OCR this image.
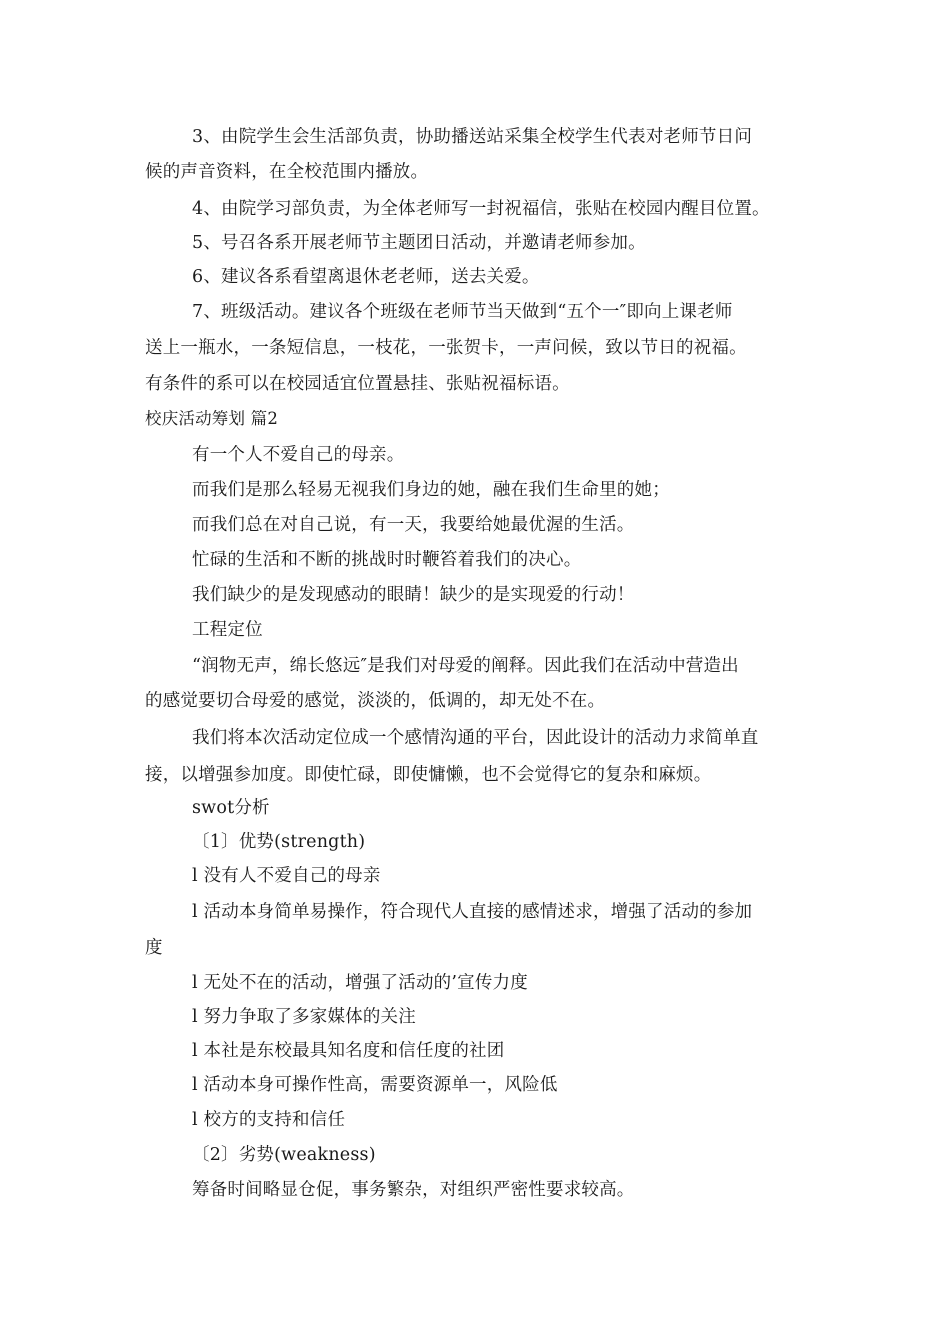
3、由院学生会生活部负责，协助播送站采集全校学生代表对老师节日问
候的声音资料，在全校范围内播放。
4、由院学习部负责，为全体老师写一封祝福信，张贴在校园内醒目位置。
5、号召各系开展老师节主题团日活动，并邀请老师参加。
6、建议各系看望离退休老老师，送去关爱。
7、班级活动。建议各个班级在老师节当天做到“五个一″即向上课老师
送上一瓶水，一条短信息，一枝花，一张贺卡，一声问候，致以节日的祝福。
有条件的系可以在校园适宜位置悬挂、张贴祝福标语。
校庆活动筹划 篇2
有一个人不爱自己的母亲。
而我们是那么轻易无视我们身边的她，融在我们生命里的她；
而我们总在对自己说，有一天，我要给她最优渥的生活。
忙碌的生活和不断的挑战时时鞭笞着我们的决心。
我们缺少的是发现感动的眼睛！缺少的是实现爱的行动！
工程定位
“润物无声，绵长悠远″是我们对母爱的阐释。因此我们在活动中营造出
的感觉要切合母爱的感觉，淡淡的，低调的，却无处不在。
我们将本次活动定位成一个感情沟通的平台，因此设计的活动力求简单直
接，以增强参加度。即使忙碌，即使慵懒，也不会觉得它的复杂和麻烦。
swot分析
〔1〕优势(strength)
l 没有人不爱自己的母亲
l 活动本身简单易操作，符合现代人直接的感情述求，增强了活动的参加
度
l 无处不在的活动，增强了活动的’宣传力度
l 努力争取了多家媒体的关注
l 本社是东校最具知名度和信任度的社团
l 活动本身可操作性高，需要资源单一，风险低
l 校方的支持和信任
〔2〕劣势(weakness)
筹备时间略显仓促，事务繁杂，对组织严密性要求较高。
